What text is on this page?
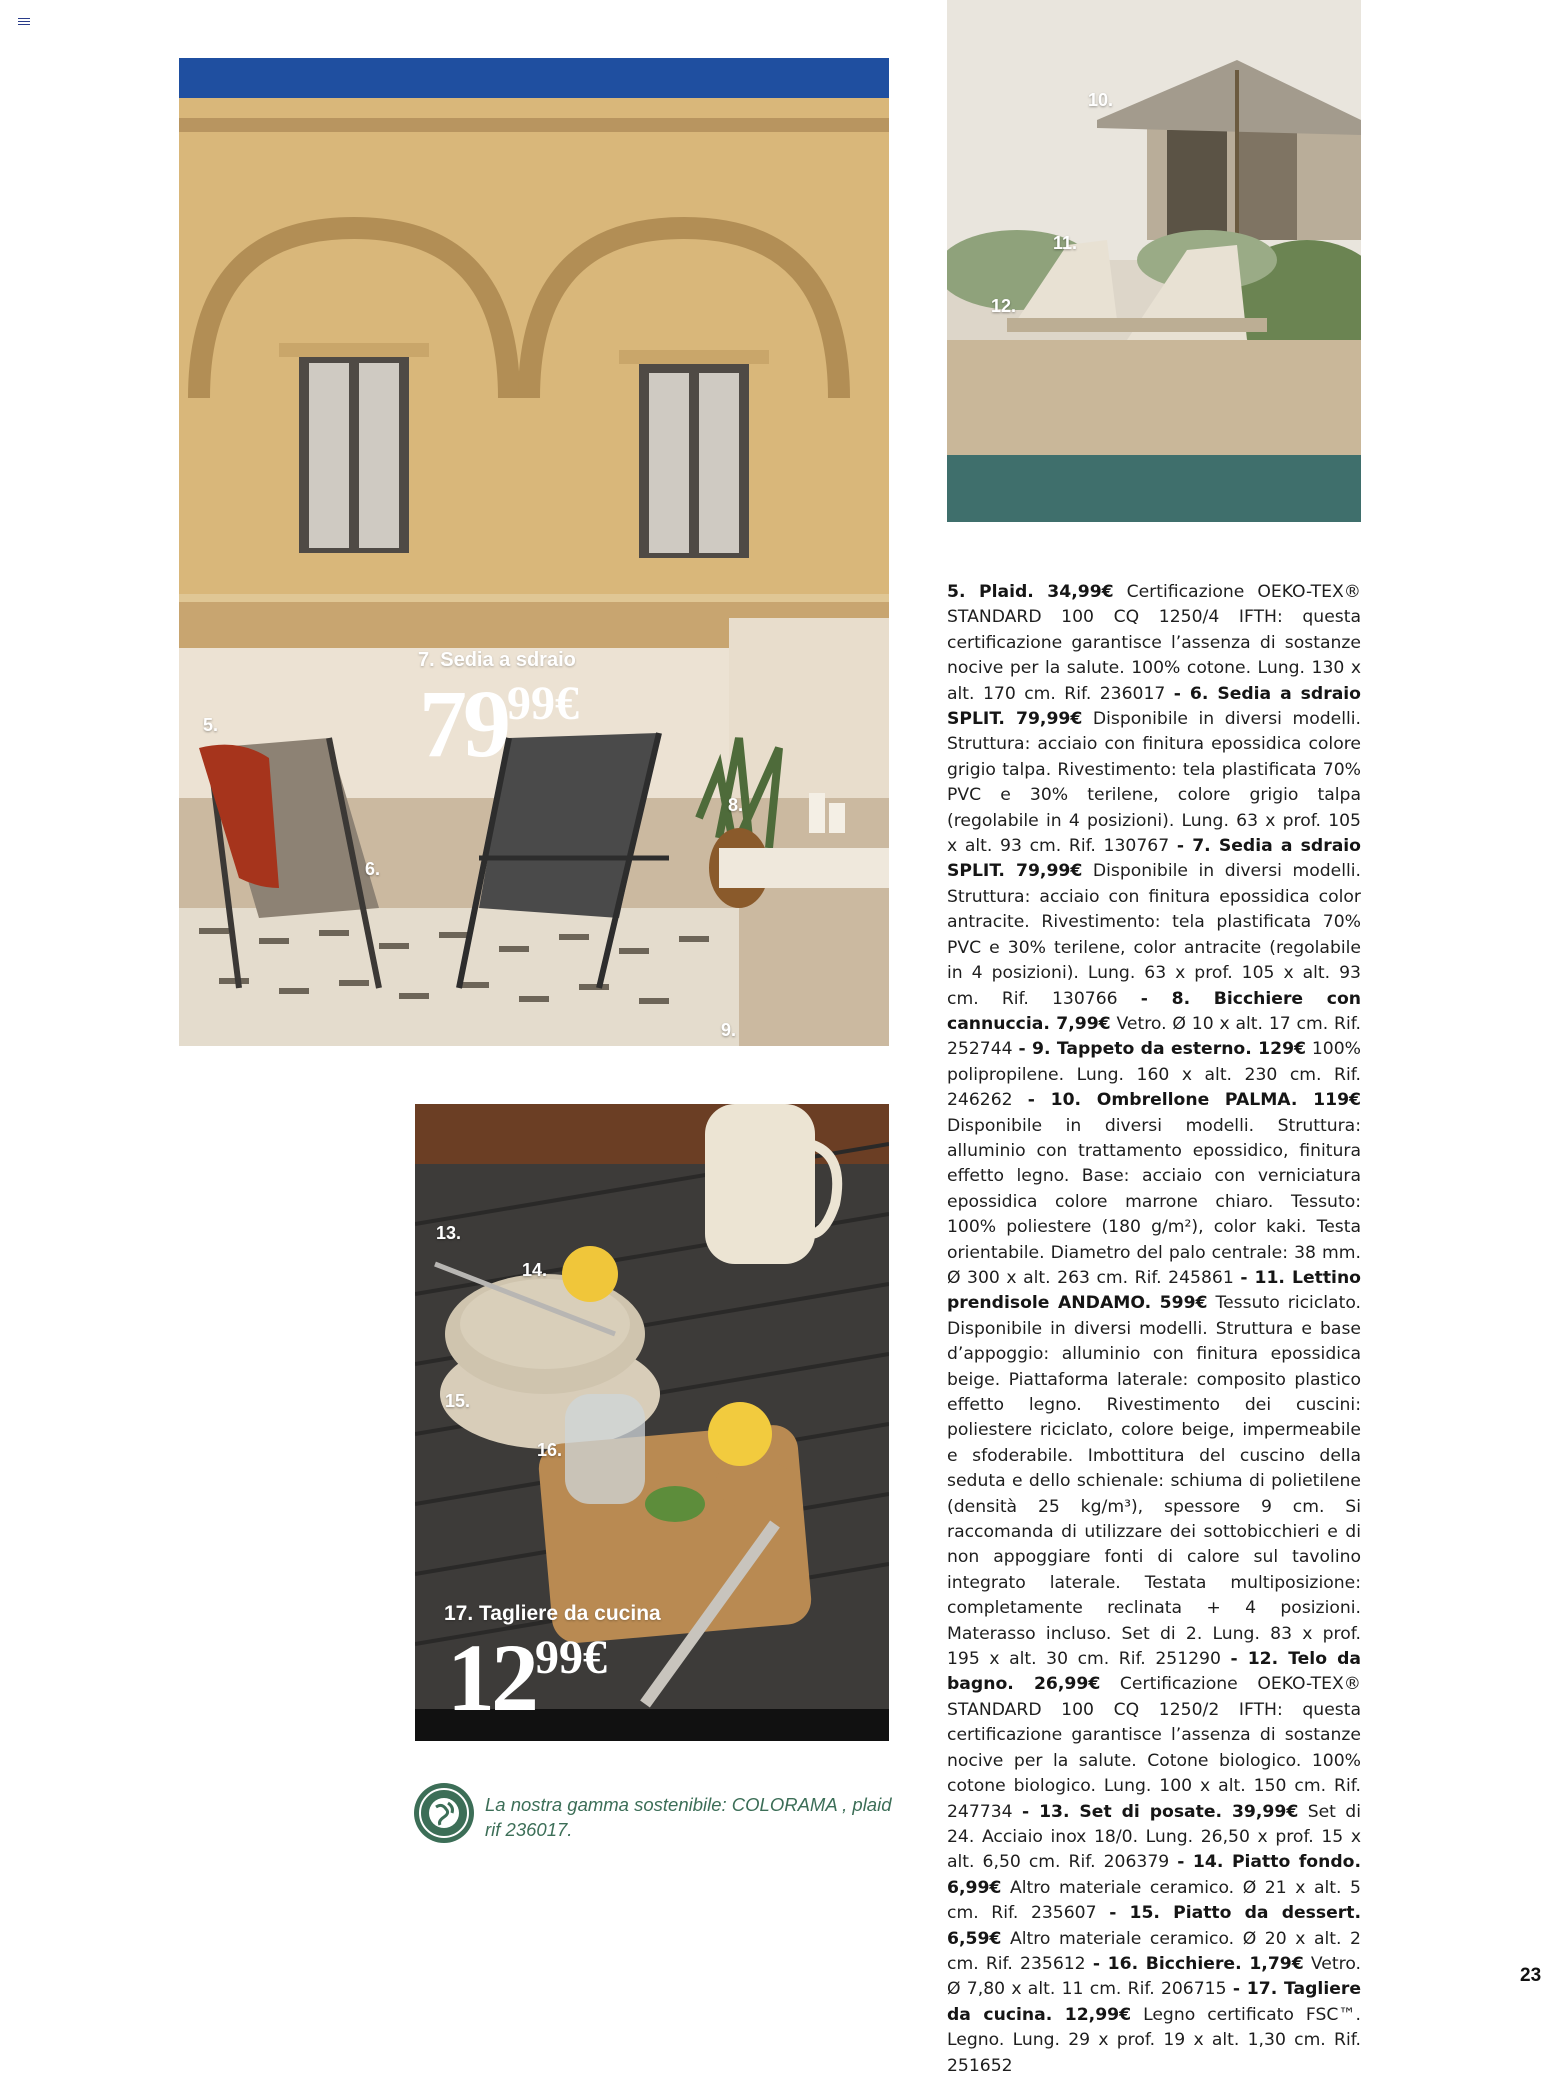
5.
6.
8.
9.
7. Sedia a sdraio
7999€
10.
11.
12.
13.
14.
15.
16.
17. Tagliere da cucina
1299€
5. Plaid. 34,99€ Certificazione OEKO-TEX® STANDARD 100 CQ 1250/4 IFTH: questa certificazione garantisce l’assenza di sostanze nocive per la salute. 100% cotone. Lung. 130 x alt. 170 cm. Rif. 236017 - 6. Sedia a sdraio SPLIT. 79,99€ Disponibile in diversi modelli. Struttura: acciaio con finitura epossidica colore grigio talpa. Rivestimento: tela plastificata 70% PVC e 30% terilene, colore grigio talpa (regolabile in 4 posizioni). Lung. 63 x prof. 105 x alt. 93 cm. Rif. 130767 - 7. Sedia a sdraio SPLIT. 79,99€ Disponibile in diversi modelli. Struttura: acciaio con finitura epossidica color antracite. Rivestimento: tela plastificata 70% PVC e 30% terilene, color antracite (regolabile in 4 posizioni). Lung. 63 x prof. 105 x alt. 93 cm. Rif. 130766 - 8. Bicchiere con cannuccia. 7,99€ Vetro. Ø 10 x alt. 17 cm. Rif. 252744 - 9. Tappeto da esterno. 129€ 100% polipropilene. Lung. 160 x alt. 230 cm. Rif. 246262 - 10. Ombrellone PALMA. 119€ Disponibile in diversi modelli. Struttura: alluminio con trattamento epossidico, finitura effetto legno. Base: acciaio con verniciatura epossidica colore marrone chiaro. Tessuto: 100% poliestere (180 g/m²), color kaki. Testa orientabile. Diametro del palo centrale: 38 mm. Ø 300 x alt. 263 cm. Rif. 245861 - 11. Lettino prendisole ANDAMO. 599€ Tessuto riciclato. Disponibile in diversi modelli. Struttura e base d’appoggio: alluminio con finitura epossidica beige. Piattaforma laterale: composito plastico effetto legno. Rivestimento dei cuscini: poliestere riciclato, colore beige, impermeabile e sfoderabile. Imbottitura del cuscino della seduta e dello schienale: schiuma di polietilene (densità 25 kg/m³), spessore 9 cm. Si raccomanda di utilizzare dei sottobicchieri e di non appoggiare fonti di calore sul tavolino integrato laterale. Testata multiposizione: completamente reclinata + 4 posizioni. Materasso incluso. Set di 2. Lung. 83 x prof. 195 x alt. 30 cm. Rif. 251290 - 12. Telo da bagno. 26,99€ Certificazione OEKO-TEX® STANDARD 100 CQ 1250/2 IFTH: questa certificazione garantisce l’assenza di sostanze nocive per la salute. Cotone biologico. 100% cotone biologico. Lung. 100 x alt. 150 cm. Rif. 247734 - 13. Set di posate. 39,99€ Set di 24. Acciaio inox 18/0. Lung. 26,50 x prof. 15 x alt. 6,50 cm. Rif. 206379 - 14. Piatto fondo. 6,99€ Altro materiale ceramico. Ø 21 x alt. 5 cm. Rif. 235607 - 15. Piatto da dessert. 6,59€ Altro materiale ceramico. Ø 20 x alt. 2 cm. Rif. 235612 - 16. Bicchiere. 1,79€ Vetro. Ø 7,80 x alt. 11 cm. Rif. 206715 - 17. Tagliere da cucina. 12,99€ Legno certificato FSC™. Legno. Lung. 29 x prof. 19 x alt. 1,30 cm. Rif. 251652
La nostra gamma sostenibile: COLORAMA , plaid rif 236017.
23
